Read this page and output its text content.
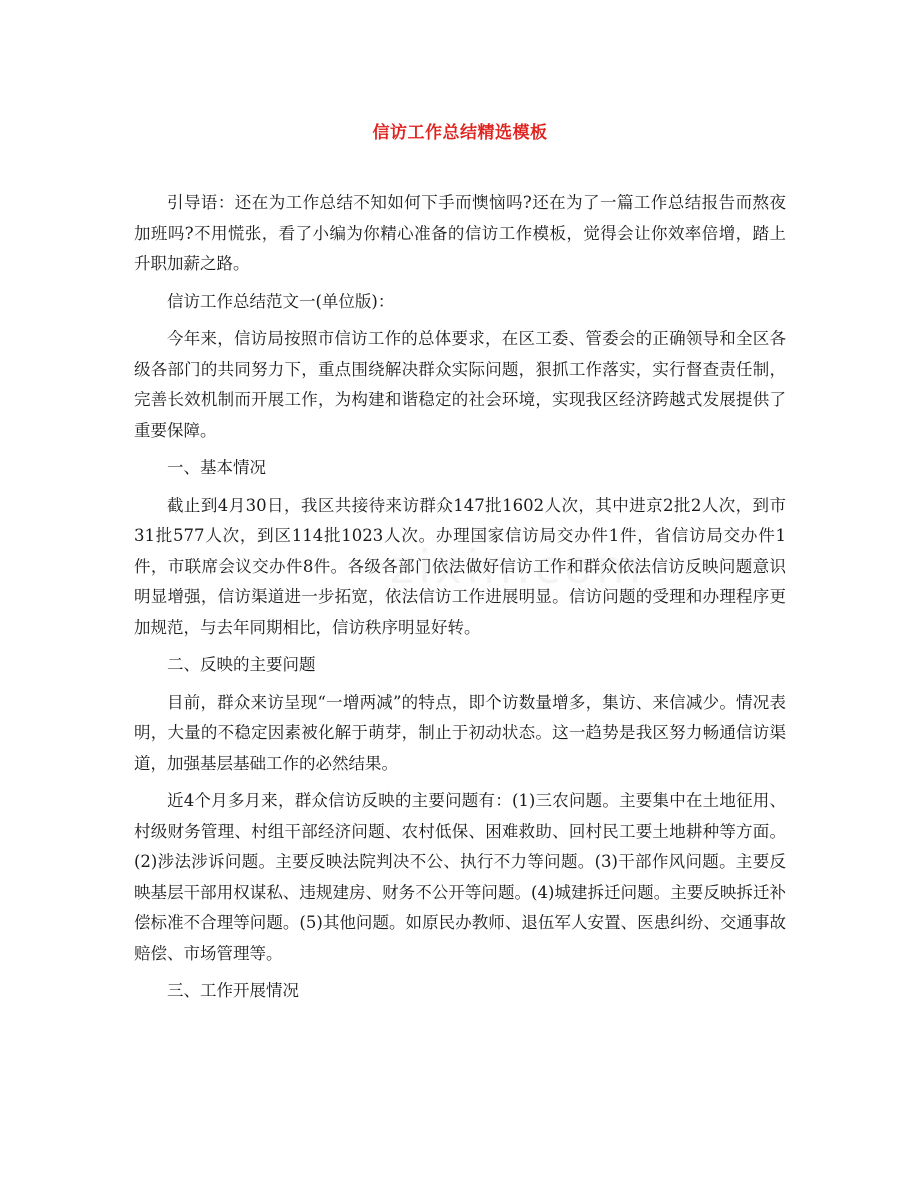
信访工作总结精选模板

引导语：还在为工作总结不知如何下手而懊恼吗?还在为了一篇工作总结报告而熬夜加班吗?不用慌张，看了小编为你精心准备的信访工作模板，觉得会让你效率倍增，踏上升职加薪之路。

信访工作总结范文一(单位版)：

今年来，信访局按照市信访工作的总体要求，在区工委、管委会的正确领导和全区各级各部门的共同努力下，重点围绕解决群众实际问题，狠抓工作落实，实行督查责任制，完善长效机制而开展工作，为构建和谐稳定的社会环境，实现我区经济跨越式发展提供了重要保障。

一、基本情况

截止到4月30日，我区共接待来访群众147批1602人次，其中进京2批2人次，到市31批577人次，到区114批1023人次。办理国家信访局交办件1件，省信访局交办件1件，市联席会议交办件8件。各级各部门依法做好信访工作和群众依法信访反映问题意识明显增强，信访渠道进一步拓宽，依法信访工作进展明显。信访问题的受理和办理程序更加规范，与去年同期相比，信访秩序明显好转。

二、反映的主要问题

目前，群众来访呈现“一增两减”的特点，即个访数量增多，集访、来信减少。情况表明，大量的不稳定因素被化解于萌芽，制止于初动状态。这一趋势是我区努力畅通信访渠道，加强基层基础工作的必然结果。

近4个月多月来，群众信访反映的主要问题有：(1)三农问题。主要集中在土地征用、村级财务管理、村组干部经济问题、农村低保、困难救助、回村民工要土地耕种等方面。(2)涉法涉诉问题。主要反映法院判决不公、执行不力等问题。(3)干部作风问题。主要反映基层干部用权谋私、违规建房、财务不公开等问题。(4)城建拆迁问题。主要反映拆迁补偿标准不合理等问题。(5)其他问题。如原民办教师、退伍军人安置、医患纠纷、交通事故赔偿、市场管理等。

三、工作开展情况
